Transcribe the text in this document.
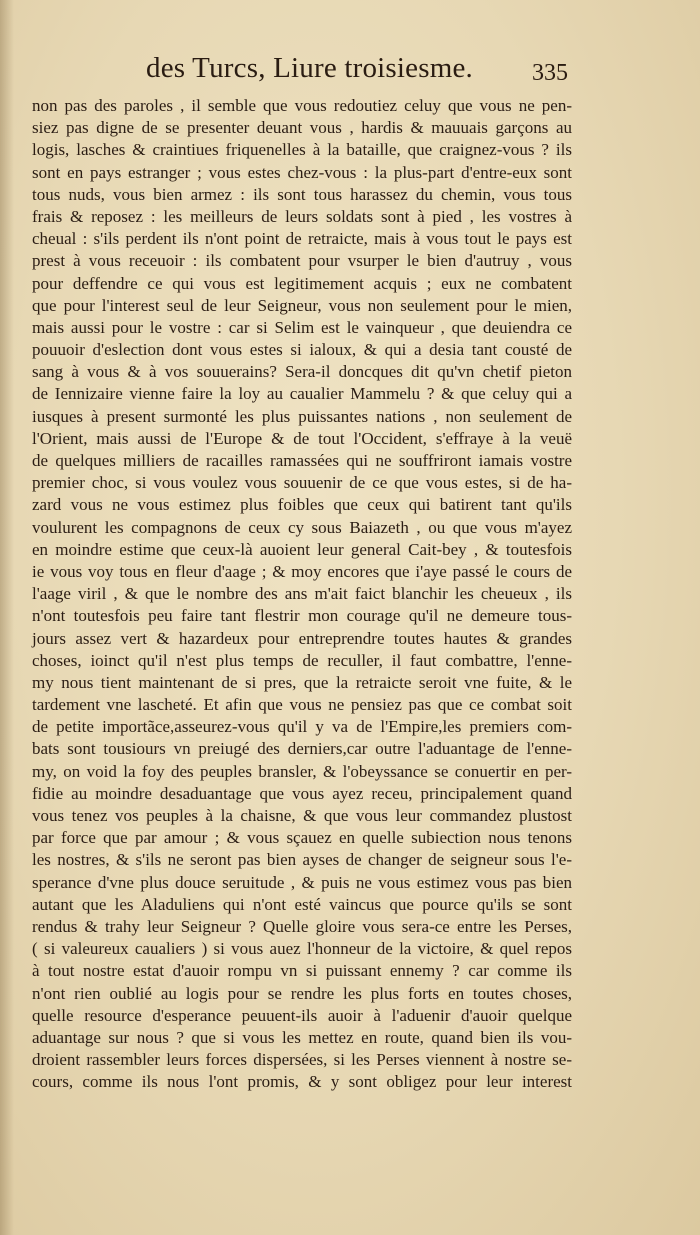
des Turcs, Liure troisiesme. 335
non pas des paroles , il semble que vous redoutiez celuy que vous ne pen-
siez pas digne de se presenter deuant vous , hardis & mauuais garçons au
logis, lasches & craintiues friquenelles à la bataille, que craignez-vous ? ils
sont en pays estranger ; vous estes chez-vous : la plus-part d'entre-eux sont
tous nuds, vous bien armez : ils sont tous harassez du chemin, vous tous
frais & reposez : les meilleurs de leurs soldats sont à pied , les vostres à
cheual : s'ils perdent ils n'ont point de retraicte, mais à vous tout le pays est
prest à vous receuoir : ils combatent pour vsurper le bien d'autruy , vous
pour deffendre ce qui vous est legitimement acquis ; eux ne combatent
que pour l'interest seul de leur Seigneur, vous non seulement pour le mien,
mais aussi pour le vostre : car si Selim est le vainqueur , que deuiendra ce
pouuoir d'eslection dont vous estes si ialoux, & qui a desia tant cousté de
sang à vous & à vos souuerains? Sera-il doncques dit qu'vn chetif pieton
de Iennizaire vienne faire la loy au caualier Mammelu ? & que celuy qui a
iusques à present surmonté les plus puissantes nations , non seulement de
l'Orient, mais aussi de l'Europe & de tout l'Occident, s'effraye à la veuë
de quelques milliers de racailles ramassées qui ne souffriront iamais vostre
premier choc, si vous voulez vous souuenir de ce que vous estes, si de ha-
zard vous ne vous estimez plus foibles que ceux qui batirent tant qu'ils
voulurent les compagnons de ceux cy sous Baiazeth , ou que vous m'ayez
en moindre estime que ceux-là auoient leur general Cait-bey , & toutesfois
ie vous voy tous en fleur d'aage ; & moy encores que i'aye passé le cours de
l'aage viril , & que le nombre des ans m'ait faict blanchir les cheueux , ils
n'ont toutesfois peu faire tant flestrir mon courage qu'il ne demeure tous-
jours assez vert & hazardeux pour entreprendre toutes hautes & grandes
choses, ioinct qu'il n'est plus temps de reculler, il faut combattre, l'enne-
my nous tient maintenant de si pres, que la retraicte seroit vne fuite, & le
tardement vne lascheté. Et afin que vous ne pensiez pas que ce combat soit
de petite importãce,asseurez-vous qu'il y va de l'Empire,les premiers com-
bats sont tousiours vn preiugé des derniers,car outre l'aduantage de l'enne-
my, on void la foy des peuples bransler, & l'obeyssance se conuertir en per-
fidie au moindre desaduantage que vous ayez receu, principalement quand
vous tenez vos peuples à la chaisne, & que vous leur commandez plustost
par force que par amour ; & vous sçauez en quelle subiection nous tenons
les nostres, & s'ils ne seront pas bien ayses de changer de seigneur sous l'e-
sperance d'vne plus douce seruitude , & puis ne vous estimez vous pas bien
autant que les Aladuliens qui n'ont esté vaincus que pource qu'ils se sont
rendus & trahy leur Seigneur ? Quelle gloire vous sera-ce entre les Perses,
( si valeureux caualiers ) si vous auez l'honneur de la victoire, & quel repos
à tout nostre estat d'auoir rompu vn si puissant ennemy ? car comme ils
n'ont rien oublié au logis pour se rendre les plus forts en toutes choses,
quelle resource d'esperance peuuent-ils auoir à l'aduenir d'auoir quelque
aduantage sur nous ? que si vous les mettez en route, quand bien ils vou-
droient rassembler leurs forces dispersées, si les Perses viennent à nostre se-
cours, comme ils nous l'ont promis, & y sont obligez pour leur interest
